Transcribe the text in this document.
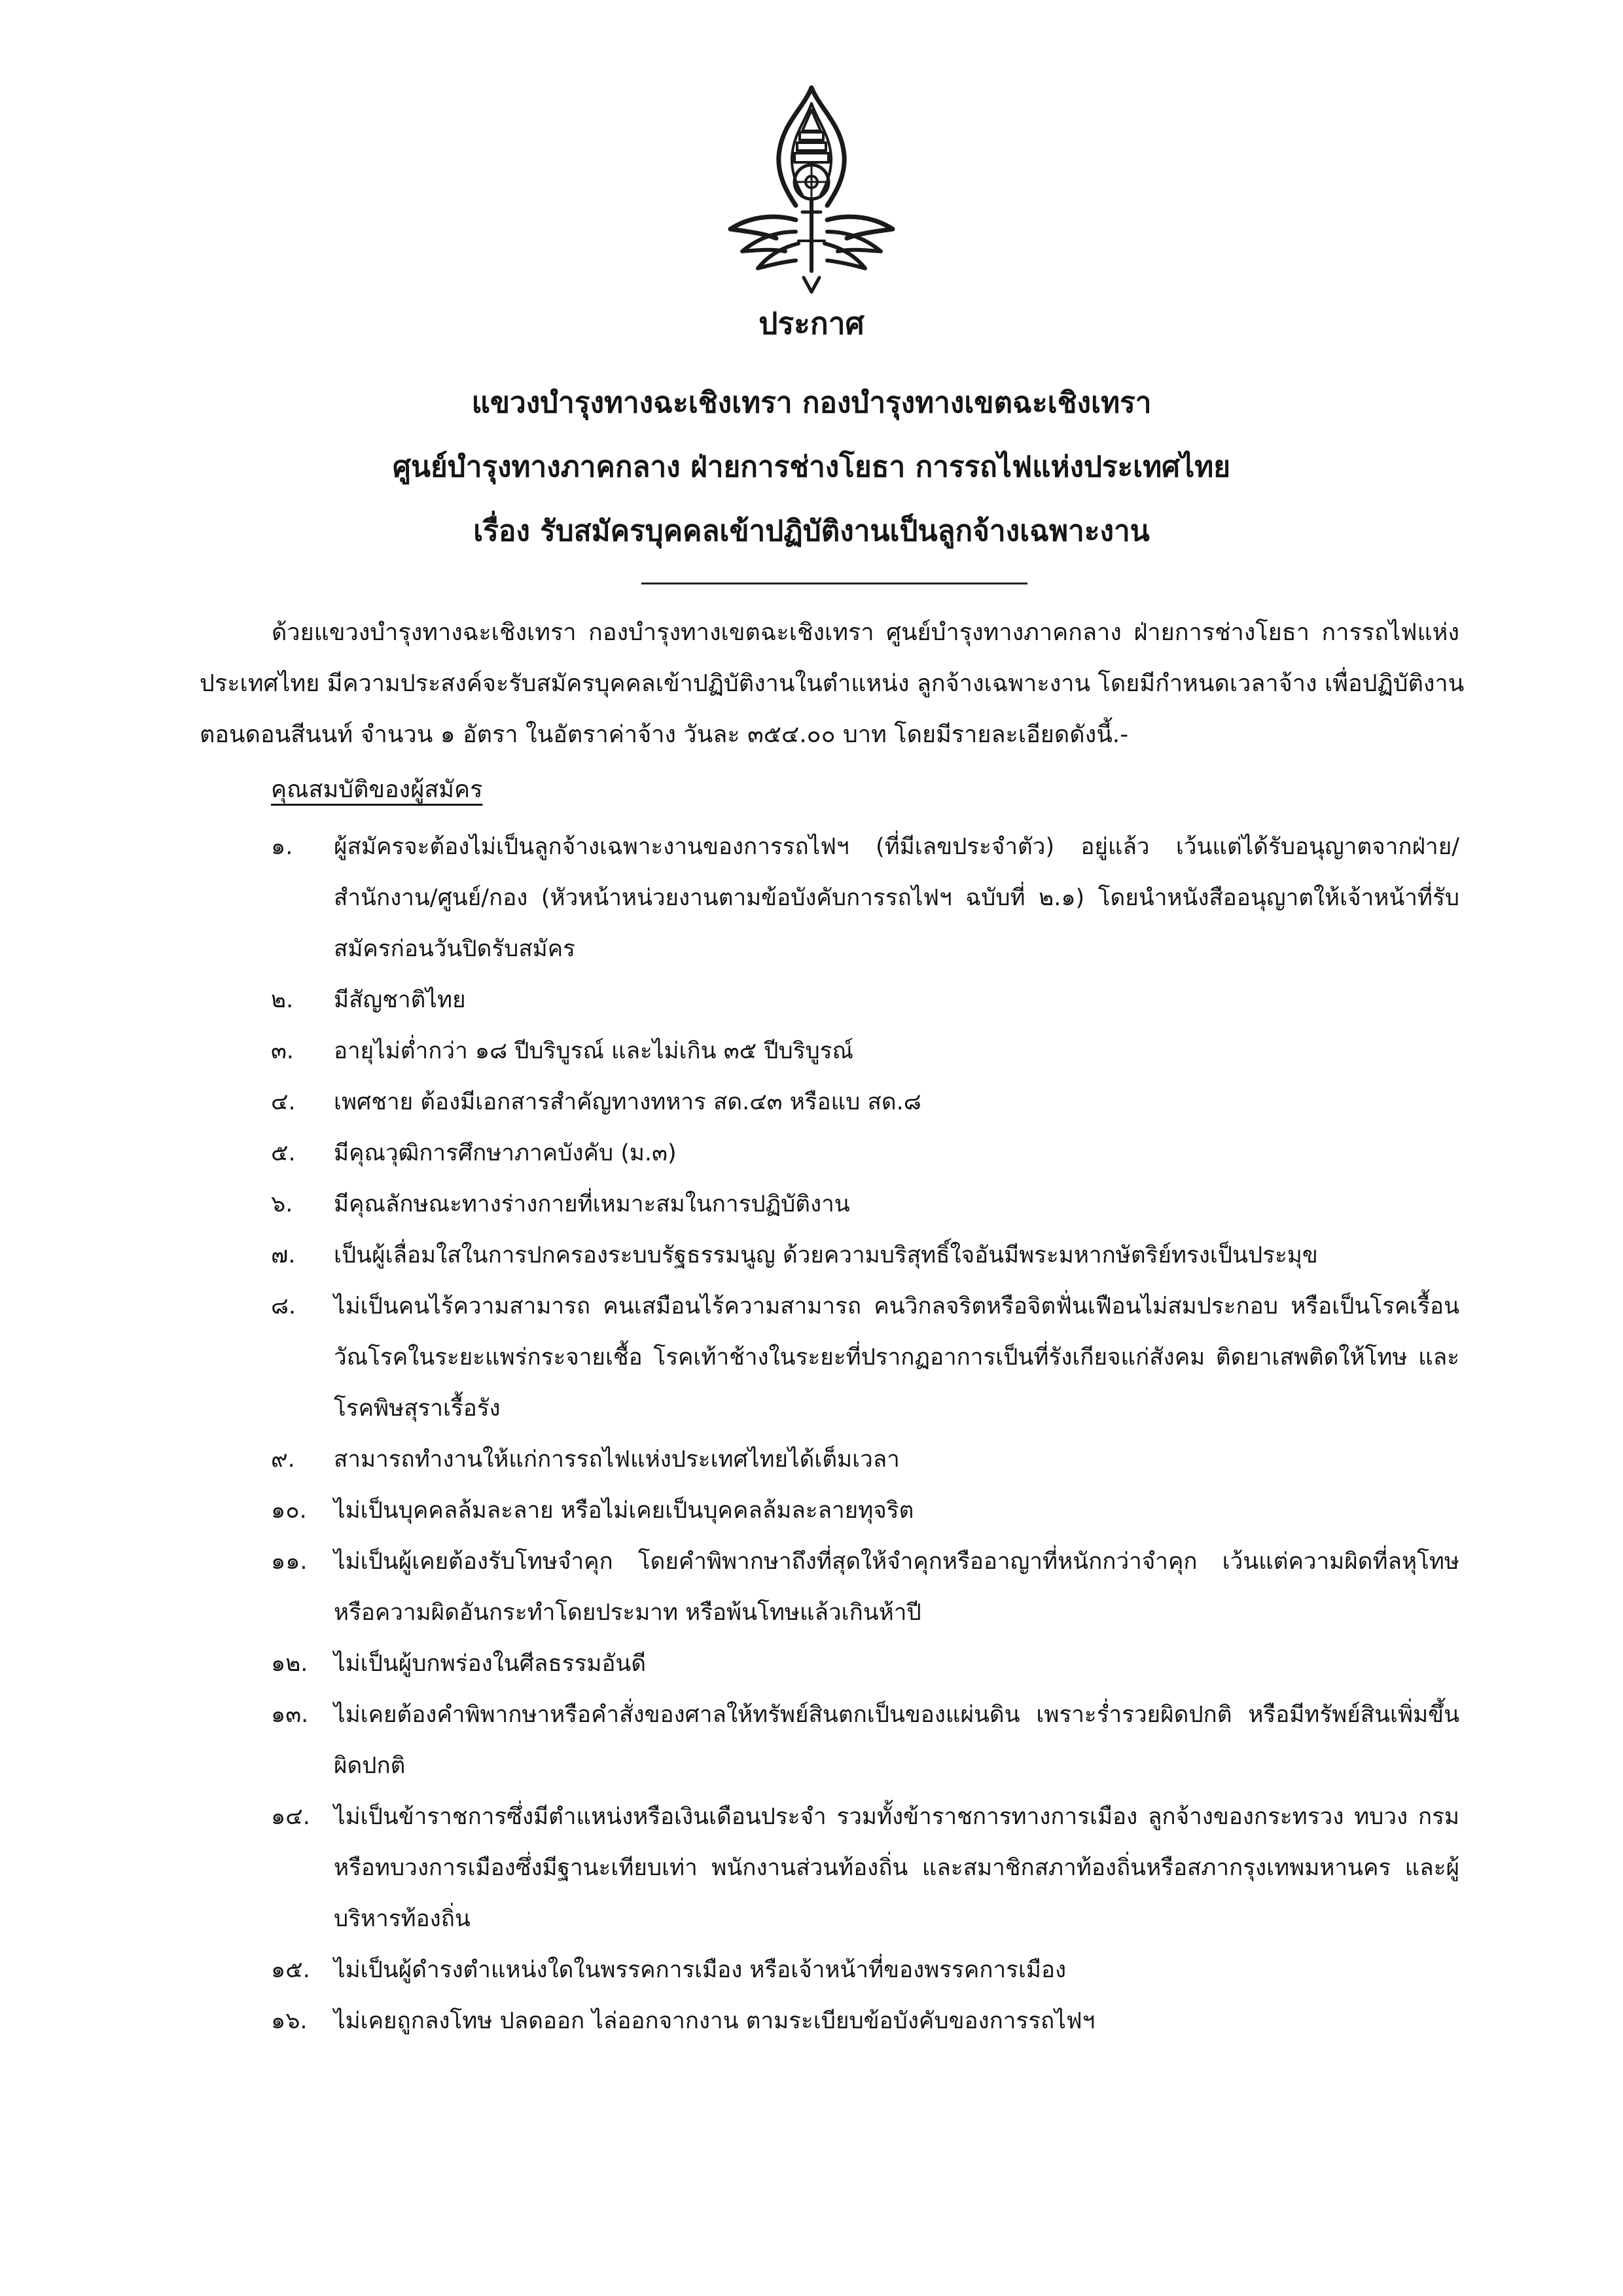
ประกาศ
แขวงบำรุงทางฉะเชิงเทรา กองบำรุงทางเขตฉะเชิงเทรา
ศูนย์บำรุงทางภาคกลาง ฝ่ายการช่างโยธา การรถไฟแห่งประเทศไทย
เรื่อง รับสมัครบุคคลเข้าปฏิบัติงานเป็นลูกจ้างเฉพาะงาน
ด้วยแขวงบำรุงทางฉะเชิงเทรา กองบำรุงทางเขตฉะเชิงเทรา ศูนย์บำรุงทางภาคกลาง ฝ่ายการช่างโยธา การรถไฟแห่ง
ประเทศไทย มีความประสงค์จะรับสมัครบุคคลเข้าปฏิบัติงานในตำแหน่ง ลูกจ้างเฉพาะงาน โดยมีกำหนดเวลาจ้าง เพื่อปฏิบัติงาน
ตอนดอนสีนนท์ จำนวน ๑ อัตรา ในอัตราค่าจ้าง วันละ ๓๕๔.๐๐ บาท โดยมีรายละเอียดดังนี้.-
คุณสมบัติของผู้สมัคร
๑.	ผู้สมัครจะต้องไม่เป็นลูกจ้างเฉพาะงานของการรถไฟฯ (ที่มีเลขประจำตัว) อยู่แล้ว เว้นแต่ได้รับอนุญาตจากฝ่าย/สำนักงาน/ศูนย์/กอง (หัวหน้าหน่วยงานตามข้อบังคับการรถไฟฯ ฉบับที่ ๒.๑) โดยนำหนังสืออนุญาตให้เจ้าหน้าที่รับสมัครก่อนวันปิดรับสมัคร
๒.	มีสัญชาติไทย
๓.	อายุไม่ต่ำกว่า ๑๘ ปีบริบูรณ์ และไม่เกิน ๓๕ ปีบริบูรณ์
๔.	เพศชาย ต้องมีเอกสารสำคัญทางทหาร สด.๔๓ หรือแบ สด.๘
๕.	มีคุณวุฒิการศึกษาภาคบังคับ (ม.๓)
๖.	มีคุณลักษณะทางร่างกายที่เหมาะสมในการปฏิบัติงาน
๗.	เป็นผู้เลื่อมใสในการปกครองระบบรัฐธรรมนูญ ด้วยความบริสุทธิ์ใจอันมีพระมหากษัตริย์ทรงเป็นประมุข
๘.	ไม่เป็นคนไร้ความสามารถ คนเสมือนไร้ความสามารถ คนวิกลจริตหรือจิตฟั่นเฟือนไม่สมประกอบ หรือเป็นโรคเรื้อน วัณโรคในระยะแพร่กระจายเชื้อ โรคเท้าช้างในระยะที่ปรากฏอาการเป็นที่รังเกียจแก่สังคม ติดยาเสพติดให้โทษ และโรคพิษสุราเรื้อรัง
๙.	สามารถทำงานให้แก่การรถไฟแห่งประเทศไทยได้เต็มเวลา
๑๐.	ไม่เป็นบุคคลล้มละลาย หรือไม่เคยเป็นบุคคลล้มละลายทุจริต
๑๑.	ไม่เป็นผู้เคยต้องรับโทษจำคุก โดยคำพิพากษาถึงที่สุดให้จำคุกหรืออาญาที่หนักกว่าจำคุก เว้นแต่ความผิดที่ลหุโทษ หรือความผิดอันกระทำโดยประมาท หรือพ้นโทษแล้วเกินห้าปี
๑๒.	ไม่เป็นผู้บกพร่องในศีลธรรมอันดี
๑๓.	ไม่เคยต้องคำพิพากษาหรือคำสั่งของศาลให้ทรัพย์สินตกเป็นของแผ่นดิน เพราะร่ำรวยผิดปกติ หรือมีทรัพย์สินเพิ่มขึ้นผิดปกติ
๑๔.	ไม่เป็นข้าราชการซึ่งมีตำแหน่งหรือเงินเดือนประจำ รวมทั้งข้าราชการทางการเมือง ลูกจ้างของกระทรวง ทบวง กรม หรือทบวงการเมืองซึ่งมีฐานะเทียบเท่า พนักงานส่วนท้องถิ่น และสมาชิกสภาท้องถิ่นหรือสภากรุงเทพมหานคร และผู้บริหารท้องถิ่น
๑๕.	ไม่เป็นผู้ดำรงตำแหน่งใดในพรรคการเมือง หรือเจ้าหน้าที่ของพรรคการเมือง
๑๖.	ไม่เคยถูกลงโทษ ปลดออก ไล่ออกจากงาน ตามระเบียบข้อบังคับของการรถไฟฯ
